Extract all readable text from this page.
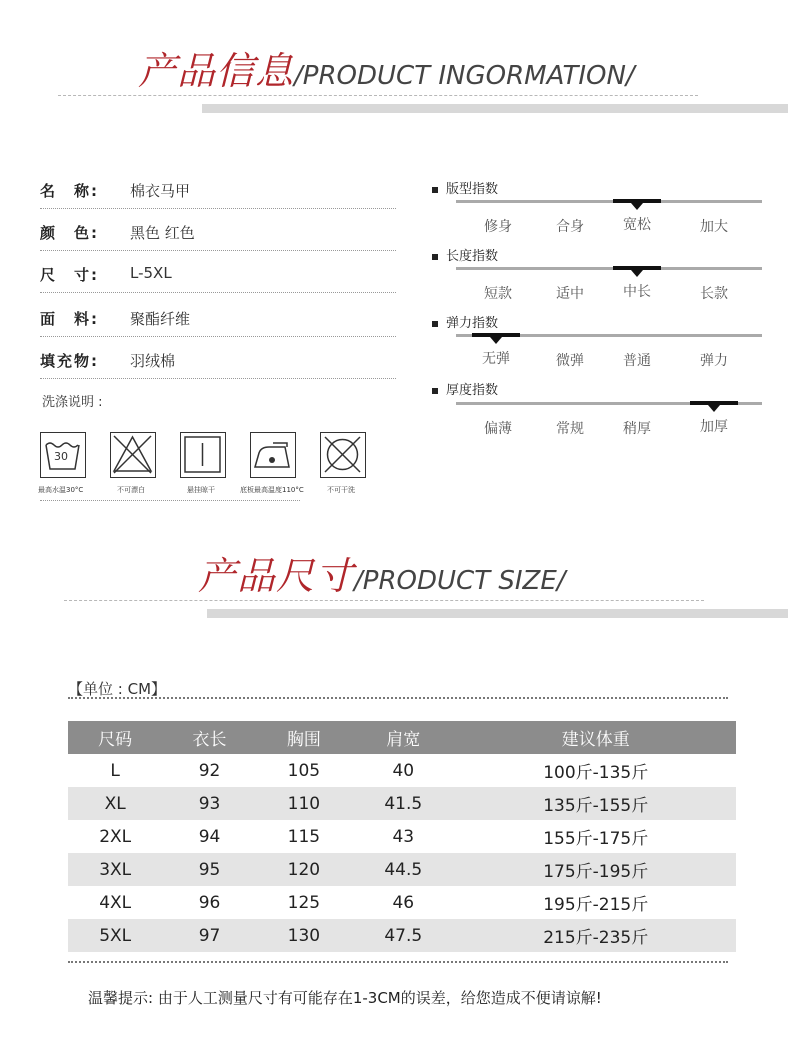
产品信息/PRODUCT INGORMATION/
名　称: 棉衣马甲
颜　色: 黑色 红色
尺　寸: L-5XL
面　料: 聚酯纤维
填充物: 羽绒棉
洗涤说明 :
30
最高水温30°C	不可漂白	悬挂晾干	底板最高温度110°C	不可干洗
版型指数
修身	合身	宽松	加大
长度指数
短款	适中	中长	长款
弹力指数
无弹	微弹	普通	弹力
厚度指数
偏薄	常规	稍厚	加厚
产品尺寸/PRODUCT SIZE/
【单位 : CM】
尺码	衣长	胸围	肩宽	建议体重
L	92	105	40	100斤-135斤
XL	93	110	41.5	135斤-155斤
2XL	94	115	43	155斤-175斤
3XL	95	120	44.5	175斤-195斤
4XL	96	125	46	195斤-215斤
5XL	97	130	47.5	215斤-235斤
温馨提示: 由于人工测量尺寸有可能存在1-3CM的误差，给您造成不便请谅解!
